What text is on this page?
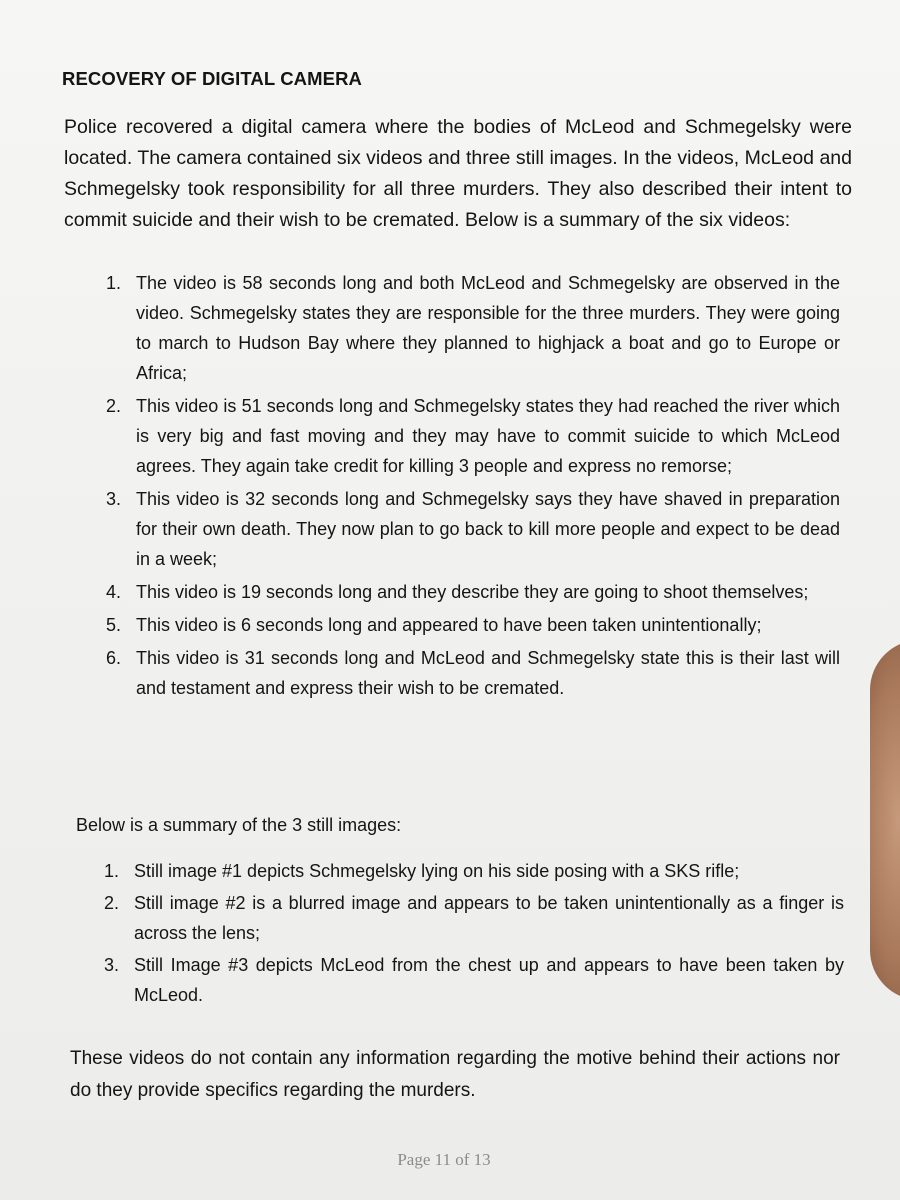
RECOVERY OF DIGITAL CAMERA
Police recovered a digital camera where the bodies of McLeod and Schmegelsky were located. The camera contained six videos and three still images. In the videos, McLeod and Schmegelsky took responsibility for all three murders. They also described their intent to commit suicide and their wish to be cremated. Below is a summary of the six videos:
1. The video is 58 seconds long and both McLeod and Schmegelsky are observed in the video. Schmegelsky states they are responsible for the three murders. They were going to march to Hudson Bay where they planned to highjack a boat and go to Europe or Africa;
2. This video is 51 seconds long and Schmegelsky states they had reached the river which is very big and fast moving and they may have to commit suicide to which McLeod agrees. They again take credit for killing 3 people and express no remorse;
3. This video is 32 seconds long and Schmegelsky says they have shaved in preparation for their own death. They now plan to go back to kill more people and expect to be dead in a week;
4. This video is 19 seconds long and they describe they are going to shoot themselves;
5. This video is 6 seconds long and appeared to have been taken unintentionally;
6. This video is 31 seconds long and McLeod and Schmegelsky state this is their last will and testament and express their wish to be cremated.
Below is a summary of the 3 still images:
1. Still image #1 depicts Schmegelsky lying on his side posing with a SKS rifle;
2. Still image #2 is a blurred image and appears to be taken unintentionally as a finger is across the lens;
3. Still Image #3 depicts McLeod from the chest up and appears to have been taken by McLeod.
These videos do not contain any information regarding the motive behind their actions nor do they provide specifics regarding the murders.
Page 11 of 13
